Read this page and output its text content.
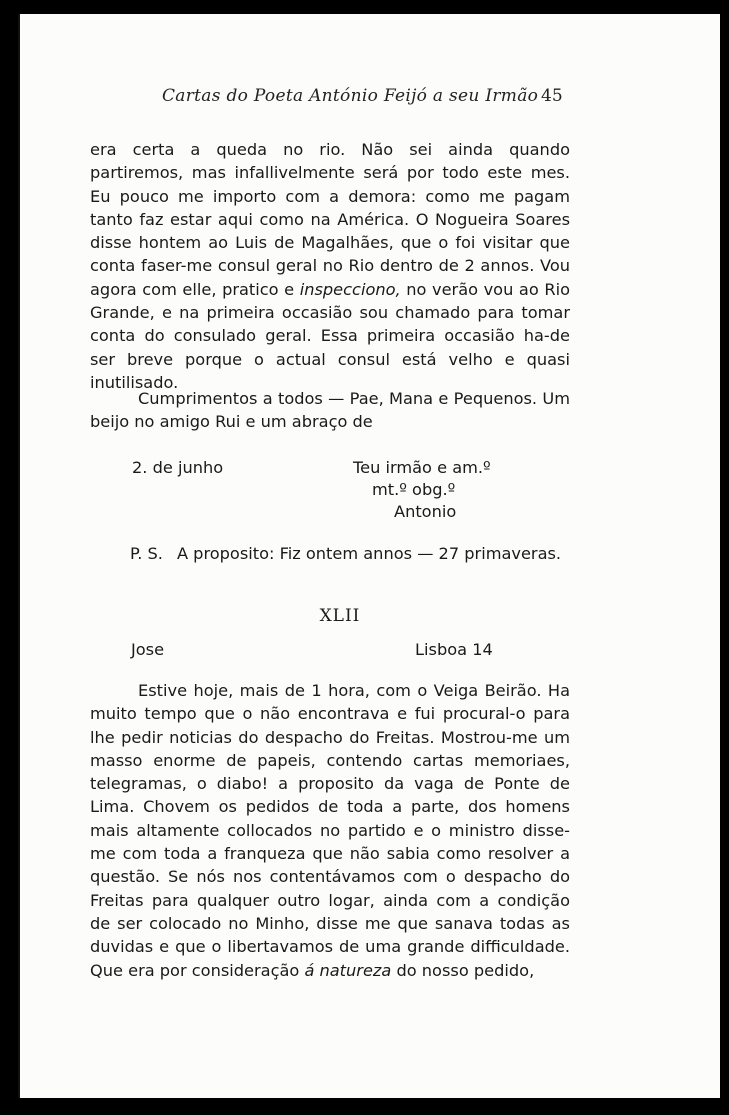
Cartas do Poeta António Feijó a seu Irmão 45

era certa a queda no rio. Não sei ainda quando partiremos, mas infallivelmente será por todo este mes. Eu pouco me importo com a demora: como me pagam tanto faz estar aqui como na América. O Nogueira Soares disse hontem ao Luis de Magalhães, que o foi visitar que conta faser-me consul geral no Rio dentro de 2 annos. Vou agora com elle, pratico e inspecciono, no verão vou ao Rio Grande, e na primeira occasião sou chamado para tomar conta do consulado geral. Essa primeira occasião ha-de ser breve porque o actual consul está velho e quasi inutilisado.

Cumprimentos a todos — Pae, Mana e Pequenos. Um beijo no amigo Rui e um abraço de

2. de junho	Teu irmão e am.º
mt.º obg.º
Antonio
P. S. A proposito: Fiz ontem annos — 27 primaveras.
XLII
Jose	Lisboa 14

Estive hoje, mais de 1 hora, com o Veiga Beirão. Ha muito tempo que o não encontrava e fui procural-o para lhe pedir noticias do despacho do Freitas. Mostrou-me um masso enorme de papeis, contendo cartas memoriaes, telegramas, o diabo! a proposito da vaga de Ponte de Lima. Chovem os pedidos de toda a parte, dos homens mais altamente collocados no partido e o ministro disse-me com toda a franqueza que não sabia como resolver a questão. Se nós nos contentávamos com o despacho do Freitas para qualquer outro logar, ainda com a condição de ser colocado no Minho, disse me que sanava todas as duvidas e que o libertavamos de uma grande difficuldade. Que era por consideração á natureza do nosso pedido,
